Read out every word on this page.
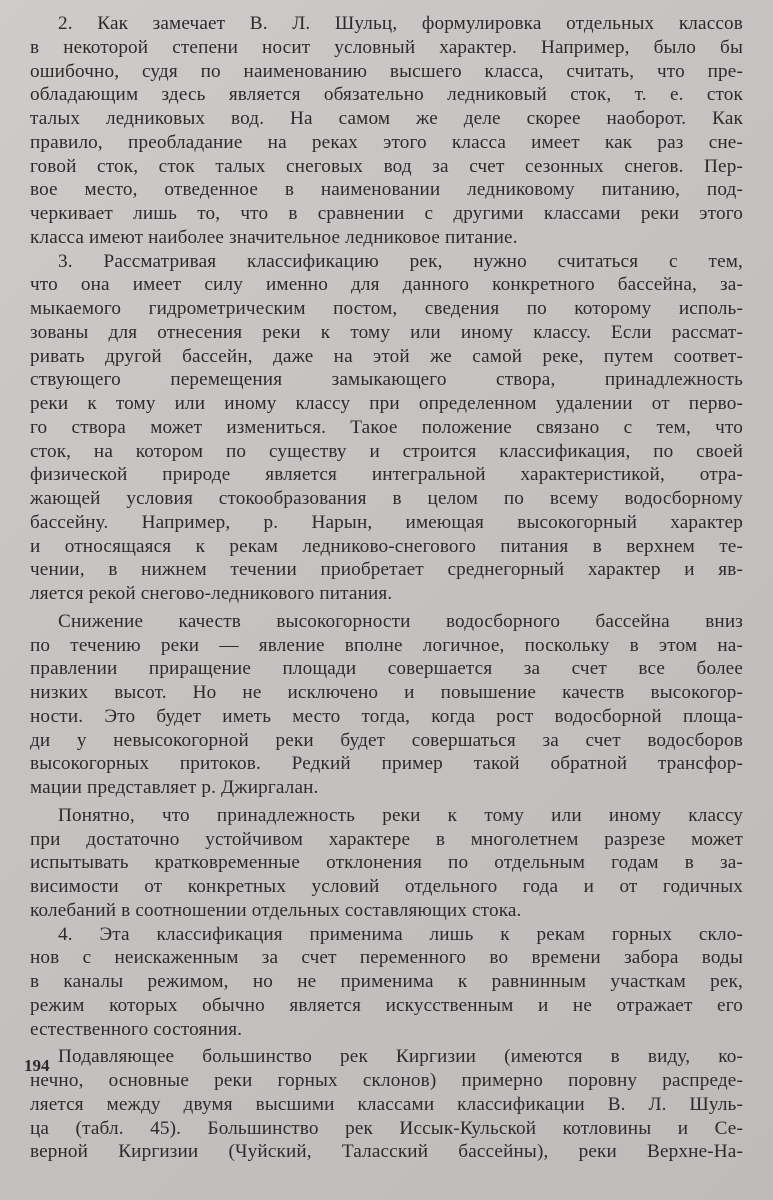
2. Как замечает В. Л. Шульц, формулировка отдельных классов
в некоторой степени носит условный характер. Например, было бы
ошибочно, судя по наименованию высшего класса, считать, что пре-
обладающим здесь является обязательно ледниковый сток, т. е. сток
талых ледниковых вод. На самом же деле скорее наоборот. Как
правило, преобладание на реках этого класса имеет как раз сне-
говой сток, сток талых снеговых вод за счет сезонных снегов. Пер-
вое место, отведенное в наименовании ледниковому питанию, под-
черкивает лишь то, что в сравнении с другими классами реки этого
класса имеют наиболее значительное ледниковое питание.
3. Рассматривая классификацию рек, нужно считаться с тем,
что она имеет силу именно для данного конкретного бассейна, за-
мыкаемого гидрометрическим постом, сведения по которому исполь-
зованы для отнесения реки к тому или иному классу. Если рассмат-
ривать другой бассейн, даже на этой же самой реке, путем соответ-
ствующего перемещения замыкающего створа, принадлежность
реки к тому или иному классу при определенном удалении от перво-
го створа может измениться. Такое положение связано с тем, что
сток, на котором по существу и строится классификация, по своей
физической природе является интегральной характеристикой, отра-
жающей условия стокообразования в целом по всему водосборному
бассейну. Например, р. Нарын, имеющая высокогорный характер
и относящаяся к рекам ледниково-снегового питания в верхнем те-
чении, в нижнем течении приобретает среднегорный характер и яв-
ляется рекой снегово-ледникового питания.
Снижение качеств высокогорности водосборного бассейна вниз
по течению реки — явление вполне логичное, поскольку в этом на-
правлении приращение площади совершается за счет все более
низких высот. Но не исключено и повышение качеств высокогор-
ности. Это будет иметь место тогда, когда рост водосборной площа-
ди у невысокогорной реки будет совершаться за счет водосборов
высокогорных притоков. Редкий пример такой обратной трансфор-
мации представляет р. Джиргалан.
Понятно, что принадлежность реки к тому или иному классу
при достаточно устойчивом характере в многолетнем разрезе может
испытывать кратковременные отклонения по отдельным годам в за-
висимости от конкретных условий отдельного года и от годичных
колебаний в соотношении отдельных составляющих стока.
4. Эта классификация применима лишь к рекам горных скло-
нов с неискаженным за счет переменного во времени забора воды
в каналы режимом, но не применима к равнинным участкам рек,
режим которых обычно является искусственным и не отражает его
естественного состояния.
Подавляющее большинство рек Киргизии (имеются в виду, ко-
нечно, основные реки горных склонов) примерно поровну распреде-
ляется между двумя высшими классами классификации В. Л. Шуль-
ца (табл. 45). Большинство рек Иссык-Кульской котловины и Се-
верной Киргизии (Чуйский, Таласский бассейны), реки Верхне-На-
194
